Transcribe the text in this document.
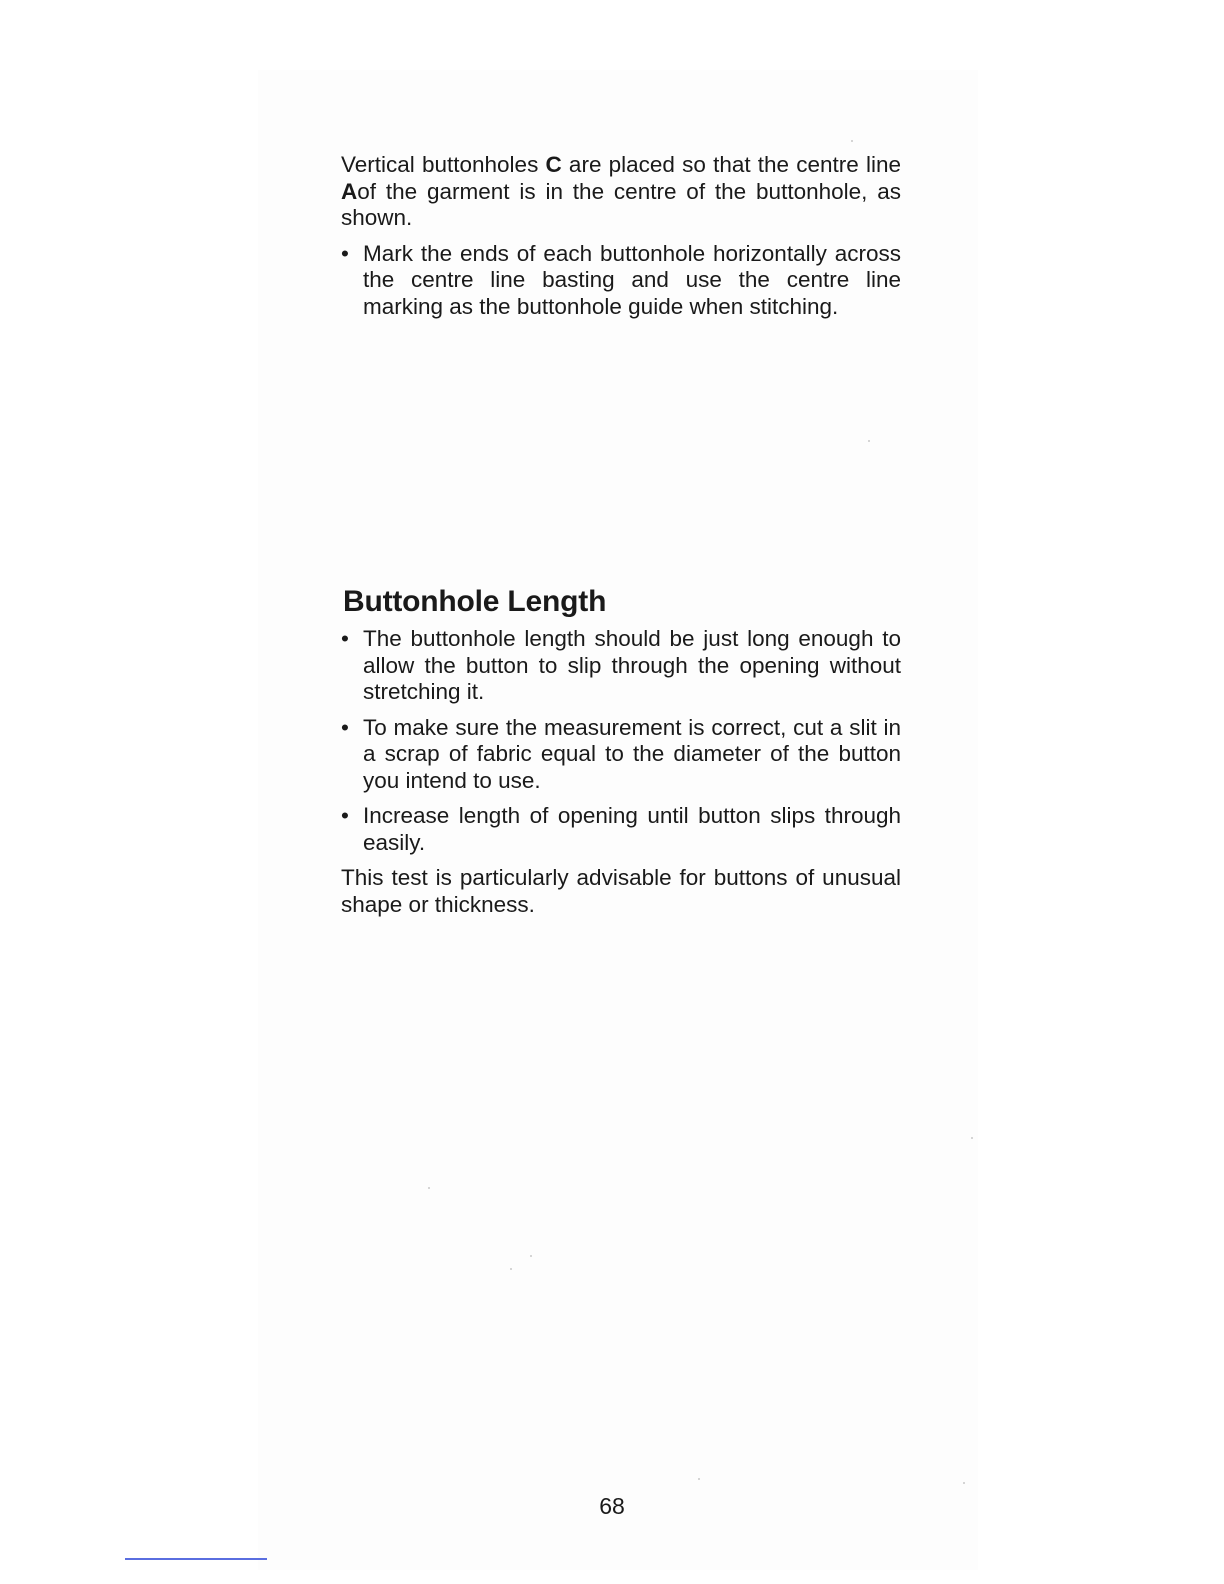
Vertical buttonholes C are placed so that the centre line Aof the garment is in the centre of the buttonhole, as shown.

• Mark the ends of each buttonhole horizontally across the centre line basting and use the centre line marking as the buttonhole guide when stitching.
Buttonhole Length
• The buttonhole length should be just long enough to allow the button to slip through the opening without stretching it.
• To make sure the measurement is correct, cut a slit in a scrap of fabric equal to the diameter of the button you intend to use.
• Increase length of opening until button slips through easily.

This test is particularly advisable for buttons of unusual shape or thickness.

68
